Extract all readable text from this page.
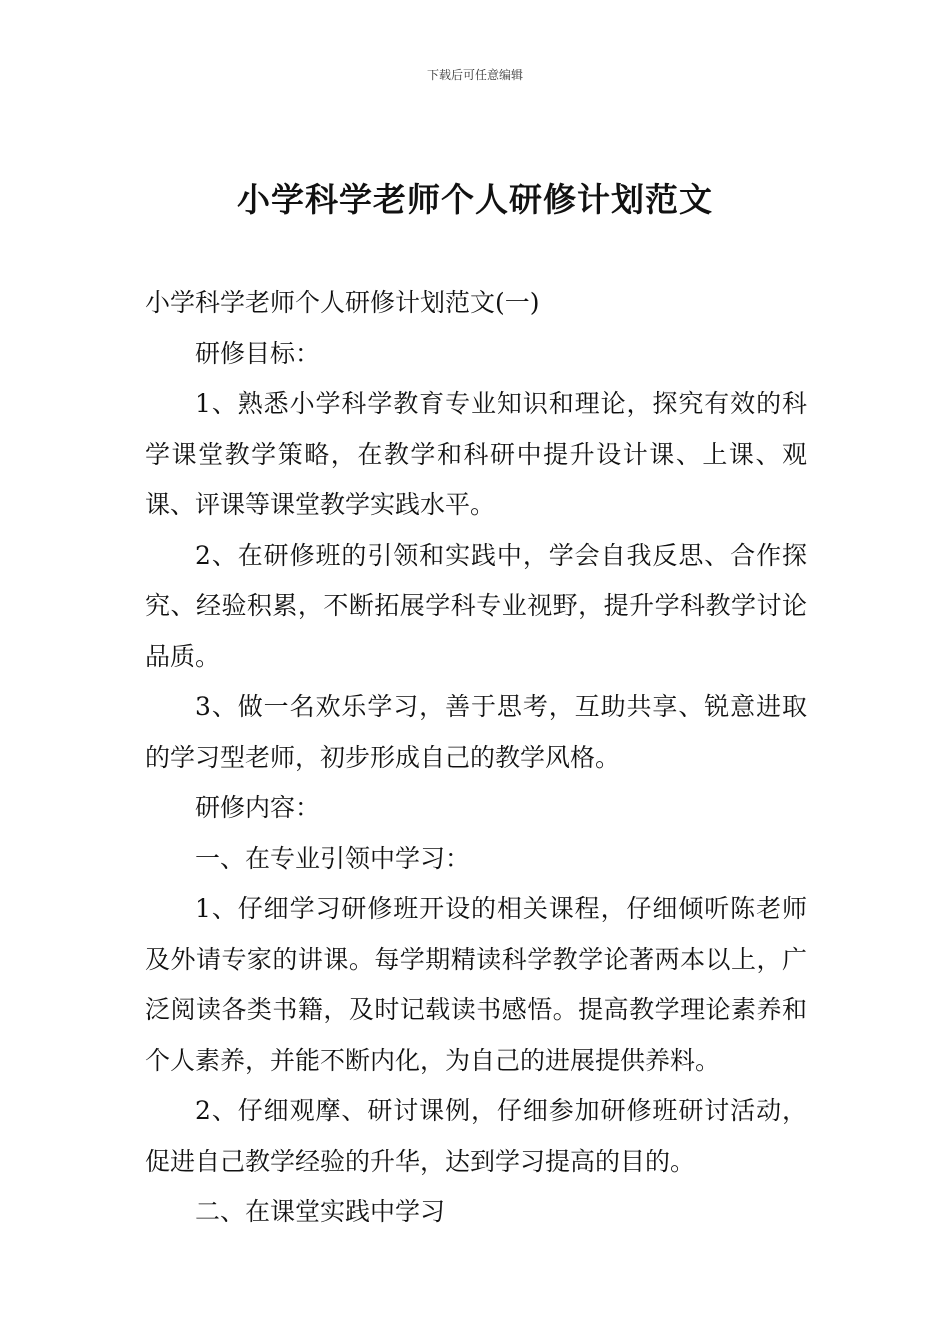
下载后可任意编辑
小学科学老师个人研修计划范文

小学科学老师个人研修计划范文(一)

研修目标：

1、熟悉小学科学教育专业知识和理论，探究有效的科学课堂教学策略，在教学和科研中提升设计课、上课、观课、评课等课堂教学实践水平。

2、在研修班的引领和实践中，学会自我反思、合作探究、经验积累，不断拓展学科专业视野，提升学科教学讨论品质。

3、做一名欢乐学习，善于思考，互助共享、锐意进取的学习型老师，初步形成自己的教学风格。

研修内容：

一、在专业引领中学习：

1、仔细学习研修班开设的相关课程，仔细倾听陈老师及外请专家的讲课。每学期精读科学教学论著两本以上，广泛阅读各类书籍，及时记载读书感悟。提高教学理论素养和个人素养，并能不断内化，为自己的进展提供养料。

2、仔细观摩、研讨课例，仔细参加研修班研讨活动，促进自己教学经验的升华，达到学习提高的目的。

二、在课堂实践中学习
